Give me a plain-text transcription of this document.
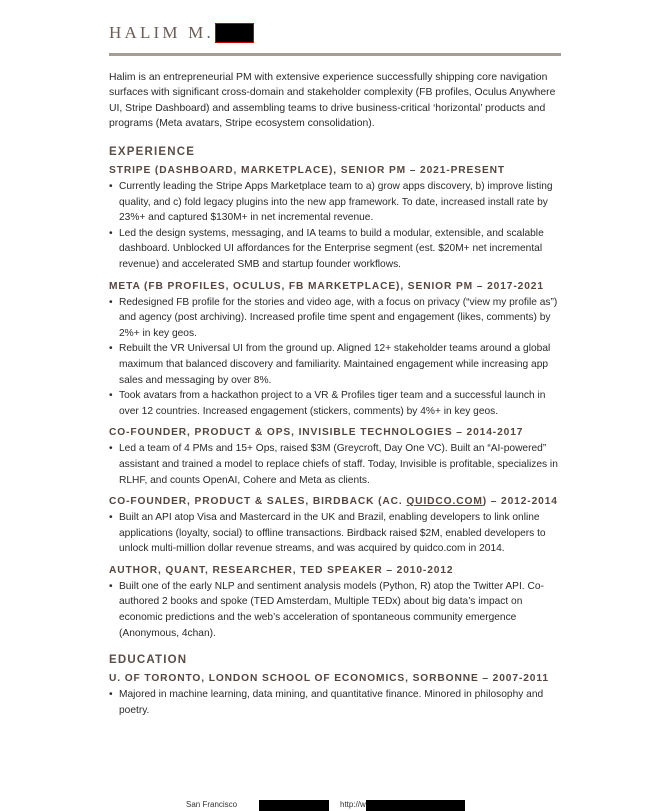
HALIM M.

Halim is an entrepreneurial PM with extensive experience successfully shipping core navigation surfaces with significant cross-domain and stakeholder complexity (FB profiles, Oculus Anywhere UI, Stripe Dashboard) and assembling teams to drive business-critical ‘horizontal’ products and programs (Meta avatars, Stripe ecosystem consolidation).

EXPERIENCE
STRIPE (DASHBOARD, MARKETPLACE), SENIOR PM – 2021-PRESENT
• Currently leading the Stripe Apps Marketplace team to a) grow apps discovery, b) improve listing quality, and c) fold legacy plugins into the new app framework. To date, increased install rate by 23%+ and captured $130M+ in net incremental revenue.
• Led the design systems, messaging, and IA teams to build a modular, extensible, and scalable dashboard. Unblocked UI affordances for the Enterprise segment (est. $20M+ net incremental revenue) and accelerated SMB and startup founder workflows.
META (FB PROFILES, OCULUS, FB MARKETPLACE), SENIOR PM – 2017-2021
• Redesigned FB profile for the stories and video age, with a focus on privacy (“view my profile as”) and agency (post archiving). Increased profile time spent and engagement (likes, comments) by 2%+ in key geos.
• Rebuilt the VR Universal UI from the ground up. Aligned 12+ stakeholder teams around a global maximum that balanced discovery and familiarity. Maintained engagement while increasing app sales and messaging by over 8%.
• Took avatars from a hackathon project to a VR & Profiles tiger team and a successful launch in over 12 countries. Increased engagement (stickers, comments) by 4%+ in key geos.
CO-FOUNDER, PRODUCT & OPS, INVISIBLE TECHNOLOGIES – 2014-2017
• Led a team of 4 PMs and 15+ Ops, raised $3M (Greycroft, Day One VC). Built an “AI-powered” assistant and trained a model to replace chiefs of staff. Today, Invisible is profitable, specializes in RLHF, and counts OpenAI, Cohere and Meta as clients.
CO-FOUNDER, PRODUCT & SALES, BIRDBACK (AC. QUIDCO.COM) – 2012-2014
• Built an API atop Visa and Mastercard in the UK and Brazil, enabling developers to link online applications (loyalty, social) to offline transactions. Birdback raised $2M, enabled developers to unlock multi-million dollar revenue streams, and was acquired by quidco.com in 2014.
AUTHOR, QUANT, RESEARCHER, TED SPEAKER – 2010-2012
• Built one of the early NLP and sentiment analysis models (Python, R) atop the Twitter API. Co-authored 2 books and spoke (TED Amsterdam, Multiple TEDx) about big data’s impact on economic predictions and the web’s acceleration of spontaneous community emergence (Anonymous, 4chan).
EDUCATION
U. OF TORONTO, LONDON SCHOOL OF ECONOMICS, SORBONNE – 2007-2011
• Majored in machine learning, data mining, and quantitative finance. Minored in philosophy and poetry.
San Francisco	http://w
